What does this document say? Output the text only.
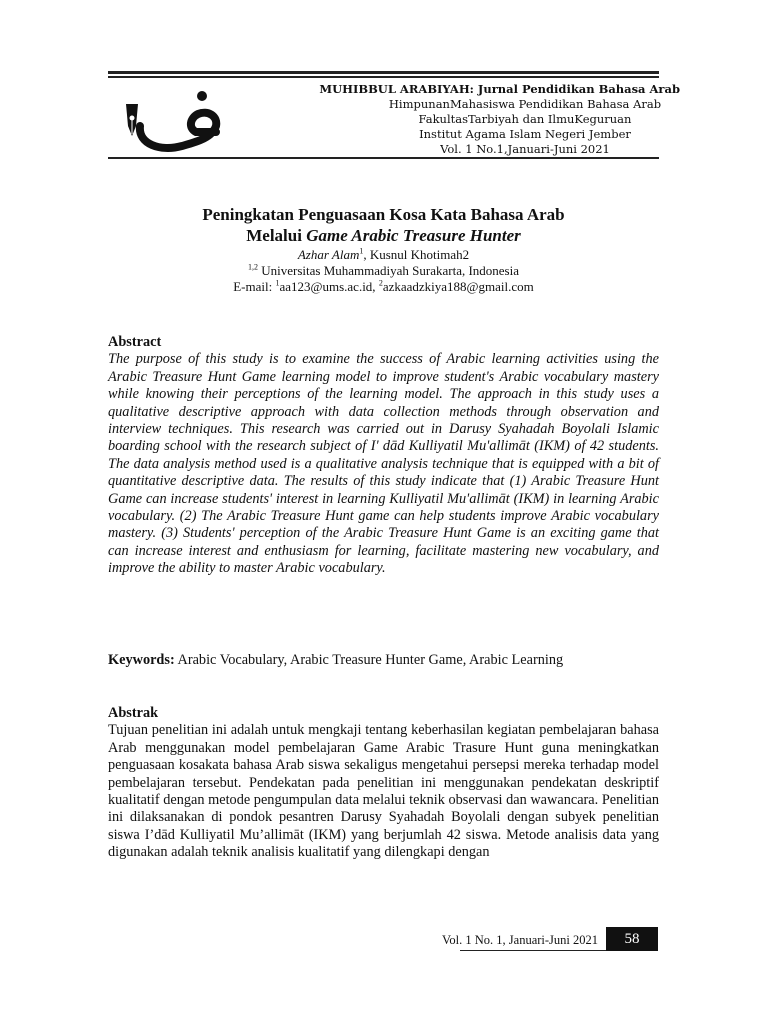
MUHIBBUL ARABIYAH: Jurnal Pendidikan Bahasa Arab
HimpunanMahasiswa Pendidikan Bahasa Arab
FakultasTarbiyah dan IlmuKeguruan
Institut Agama Islam Negeri Jember
Vol. 1 No.1,Januari-Juni 2021
Peningkatan Penguasaan Kosa Kata Bahasa Arab
Melalui Game Arabic Treasure Hunter
Azhar Alam$^1$, Kusnul Khotimah2
$^{1,2}$ Universitas Muhammadiyah Surakarta, Indonesia
E-mail: $^1$aa123@ums.ac.id, $^2$azkaadzkiya188@gmail.com
Abstract
The purpose of this study is to examine the success of Arabic learning activities using the Arabic Treasure Hunt Game learning model to improve student's Arabic vocabulary mastery while knowing their perceptions of the learning model. The approach in this study uses a qualitative descriptive approach with data collection methods through observation and interview techniques. This research was carried out in Darusy Syahadah Boyolali Islamic boarding school with the research subject of I' dād Kulliyatil Mu'allimāt (IKM) of 42 students. The data analysis method used is a qualitative analysis technique that is equipped with a bit of quantitative descriptive data. The results of this study indicate that (1) Arabic Treasure Hunt Game can increase students' interest in learning Kulliyatil Mu'allimāt (IKM) in learning Arabic vocabulary. (2) The Arabic Treasure Hunt game can help students improve Arabic vocabulary mastery. (3) Students' perception of the Arabic Treasure Hunt Game is an exciting game that can increase interest and enthusiasm for learning, facilitate mastering new vocabulary, and improve the ability to master Arabic vocabulary.
Keywords: Arabic Vocabulary, Arabic Treasure Hunter Game, Arabic Learning
Abstrak
Tujuan penelitian ini adalah untuk mengkaji tentang keberhasilan kegiatan pembelajaran bahasa Arab menggunakan model pembelajaran Game Arabic Trasure Hunt guna meningkatkan penguasaan kosakata bahasa Arab siswa sekaligus mengetahui persepsi mereka terhadap model pembelajaran tersebut. Pendekatan pada penelitian ini menggunakan pendekatan deskriptif kualitatif dengan metode pengumpulan data melalui teknik observasi dan wawancara. Penelitian ini dilaksanakan di pondok pesantren Darusy Syahadah Boyolali dengan subyek penelitian siswa I’dād Kulliyatil Mu’allimāt (IKM) yang berjumlah 42 siswa. Metode analisis data yang digunakan adalah teknik analisis kualitatif yang dilengkapi dengan
Vol. 1 No. 1, Januari-Juni 2021	58
